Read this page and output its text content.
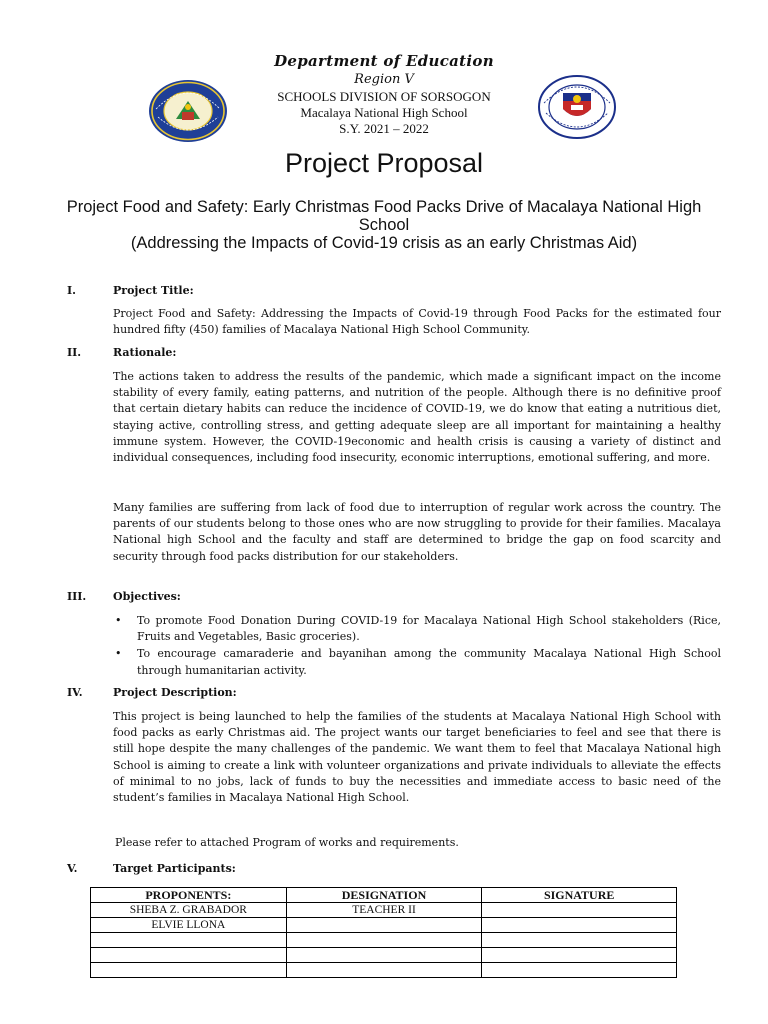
Department of Education
Region V
SCHOOLS DIVISION OF SORSOGON
Macalaya National High School
S.Y. 2021 – 2022
Project Proposal
Project Food and Safety: Early Christmas Food Packs Drive of Macalaya National High School
(Addressing the Impacts of Covid-19 crisis as an early Christmas Aid)
I.	Project Title:
Project Food and Safety: Addressing the Impacts of Covid-19 through Food Packs for the estimated four hundred fifty (450) families of Macalaya National High School Community.
II.	Rationale:
The actions taken to address the results of the pandemic, which made a significant impact on the income stability of every family, eating patterns, and nutrition of the people. Although there is no definitive proof that certain dietary habits can reduce the incidence of COVID-19, we do know that eating a nutritious diet, staying active, controlling stress, and getting adequate sleep are all important for maintaining a healthy immune system. However, the COVID-19economic and health crisis is causing a variety of distinct and individual consequences, including food insecurity, economic interruptions, emotional suffering, and more.
Many families are suffering from lack of food due to interruption of regular work across the country. The parents of our students belong to those ones who are now struggling to provide for their families. Macalaya National high School and the faculty and staff are determined to bridge the gap on food scarcity and security through food packs distribution for our stakeholders.
III. Objectives:
• To promote Food Donation During COVID-19 for Macalaya National High School stakeholders (Rice, Fruits and Vegetables, Basic groceries).
• To encourage camaraderie and bayanihan among the community Macalaya National High School through humanitarian activity.
IV.	Project Description:
This project is being launched to help the families of the students at Macalaya National High School with food packs as early Christmas aid. The project wants our target beneficiaries to feel and see that there is still hope despite the many challenges of the pandemic. We want them to feel that Macalaya National high School is aiming to create a link with volunteer organizations and private individuals to alleviate the effects of minimal to no jobs, lack of funds to buy the necessities and immediate access to basic need of the student’s families in Macalaya National High School.
Please refer to attached Program of works and requirements.
V.	Target Participants:
PROPONENTS:	DESIGNATION	SIGNATURE
SHEBA Z. GRABADOR	TEACHER II	
ELVIE LLONA		
